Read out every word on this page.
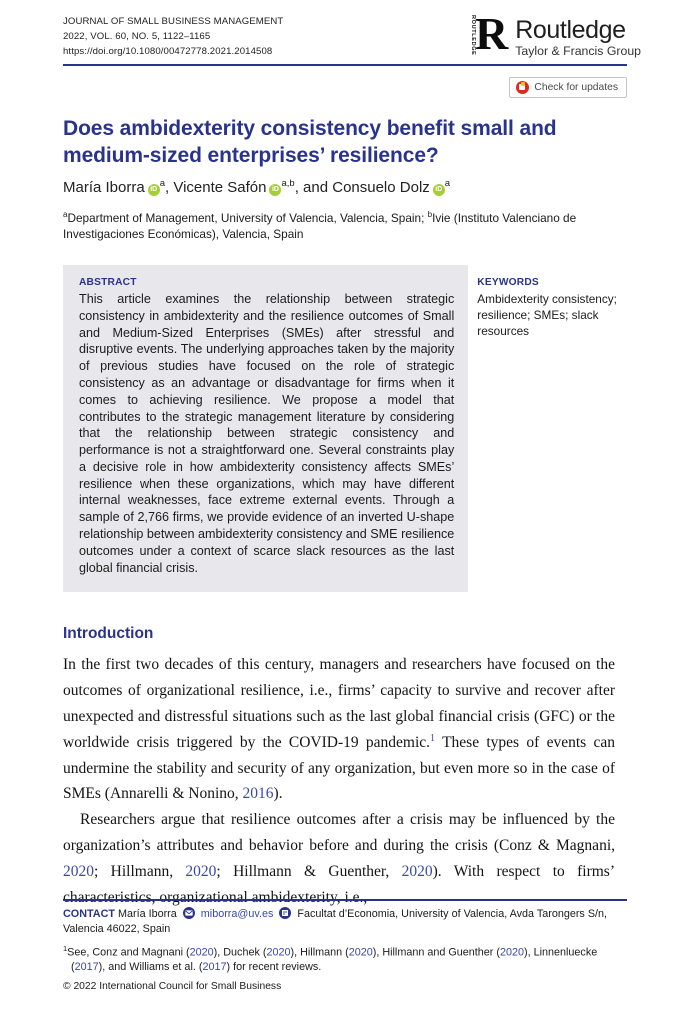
JOURNAL OF SMALL BUSINESS MANAGEMENT
2022, VOL. 60, NO. 5, 1122–1165
https://doi.org/10.1080/00472778.2021.2014508	ROUTLEDGE R Routledge
Taylor & Francis Group
Check for updates
Does ambidexterity consistency benefit small and medium-sized enterprises’ resilience?
María Iborra $iD^a$, Vicente Safón iD$^{a,b}$, and Consuelo Dolz $iD^a$
$^a$Department of Management, University of Valencia, Valencia, Spain; $^b$Ivie (Instituto Valenciano de Investigaciones Económicas), Valencia, Spain
ABSTRACT
This article examines the relationship between strategic consistency in ambidexterity and the resilience outcomes of Small and Medium-Sized Enterprises (SMEs) after stressful and disruptive events. The underlying approaches taken by the majority of previous studies have focused on the role of strategic consistency as an advantage or disadvantage for firms when it comes to achieving resilience. We propose a model that contributes to the strategic management literature by considering that the relationship between strategic consistency and performance is not a straightforward one. Several constraints play a decisive role in how ambidexterity consistency affects SMEs’ resilience when these organizations, which may have different internal weaknesses, face extreme external events. Through a sample of 2,766 firms, we provide evidence of an inverted U-shape relationship between ambidexterity consistency and SME resilience outcomes under a context of scarce slack resources as the last global financial crisis.
KEYWORDS
Ambidexterity consistency; resilience; SMEs; slack resources
Introduction

In the first two decades of this century, managers and researchers have focused on the outcomes of organizational resilience, i.e., firms’ capacity to survive and recover after unexpected and distressful situations such as the last global financial crisis (GFC) or the worldwide crisis triggered by the COVID-19 pandemic.$^1$ These types of events can undermine the stability and security of any organization, but even more so in the case of SMEs (Annarelli & Nonino, 2016).

Researchers argue that resilience outcomes after a crisis may be influenced by the organization’s attributes and behavior before and during the crisis (Conz & Magnani, 2020; Hillmann, 2020; Hillmann & Guenther, 2020). With respect to firms’ characteristics, organizational ambidexterity, i.e.,

CONTACT María Iborra miborra@uv.es Facultat d’Economia, University of Valencia, Avda Tarongers S/n, Valencia 46022, Spain
$^1$See, Conz and Magnani (2020), Duchek (2020), Hillmann (2020), Hillmann and Guenther (2020), Linnenluecke (2017), and Williams et al. (2017) for recent reviews.
© 2022 International Council for Small Business
